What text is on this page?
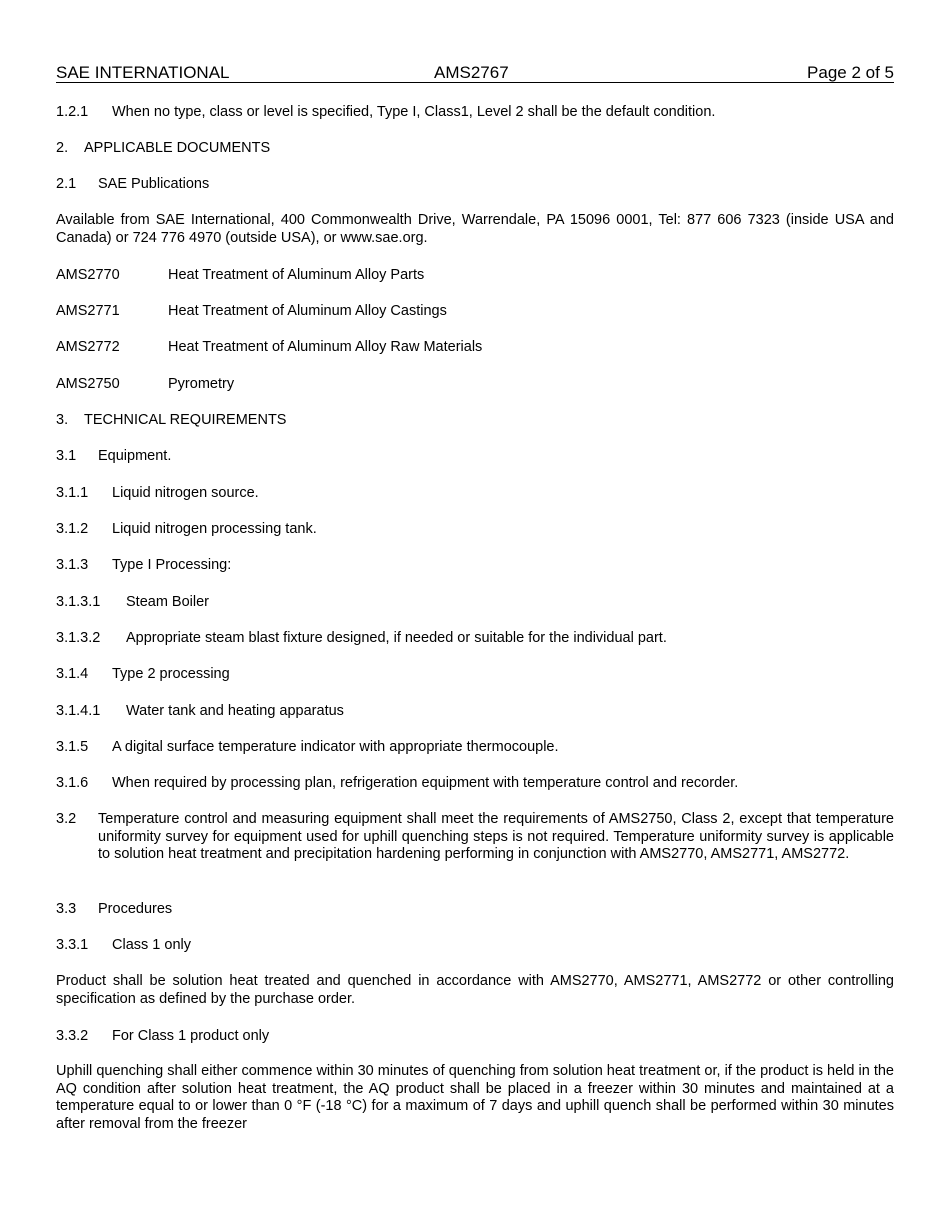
SAE INTERNATIONAL	AMS2767	Page 2 of 5
1.2.1 When no type, class or level is specified, Type I, Class1, Level 2 shall be the default condition.
2. APPLICABLE DOCUMENTS
2.1 SAE Publications
Available from SAE International, 400 Commonwealth Drive, Warrendale, PA 15096 0001, Tel: 877 606 7323 (inside USA and Canada) or 724 776 4970 (outside USA), or www.sae.org.
AMS2770	Heat Treatment of Aluminum Alloy Parts
AMS2771	Heat Treatment of Aluminum Alloy Castings
AMS2772	Heat Treatment of Aluminum Alloy Raw Materials
AMS2750	Pyrometry
3. TECHNICAL REQUIREMENTS
3.1 Equipment.
3.1.1 Liquid nitrogen source.
3.1.2 Liquid nitrogen processing tank.
3.1.3 Type I Processing:
3.1.3.1 Steam Boiler
3.1.3.2 Appropriate steam blast fixture designed, if needed or suitable for the individual part.
3.1.4 Type 2 processing
3.1.4.1 Water tank and heating apparatus
3.1.5 A digital surface temperature indicator with appropriate thermocouple.
3.1.6 When required by processing plan, refrigeration equipment with temperature control and recorder.
3.2 Temperature control and measuring equipment shall meet the requirements of AMS2750, Class 2, except that temperature uniformity survey for equipment used for uphill quenching steps is not required. Temperature uniformity survey is applicable to solution heat treatment and precipitation hardening performing in conjunction with AMS2770, AMS2771, AMS2772.
3.3 Procedures
3.3.1 Class 1 only
Product shall be solution heat treated and quenched in accordance with AMS2770, AMS2771, AMS2772 or other controlling specification as defined by the purchase order.
3.3.2 For Class 1 product only
Uphill quenching shall either commence within 30 minutes of quenching from solution heat treatment or, if the product is held in the AQ condition after solution heat treatment, the AQ product shall be placed in a freezer within 30 minutes and maintained at a temperature equal to or lower than 0 °F (-18 °C) for a maximum of 7 days and uphill quench shall be performed within 30 minutes after removal from the freezer
